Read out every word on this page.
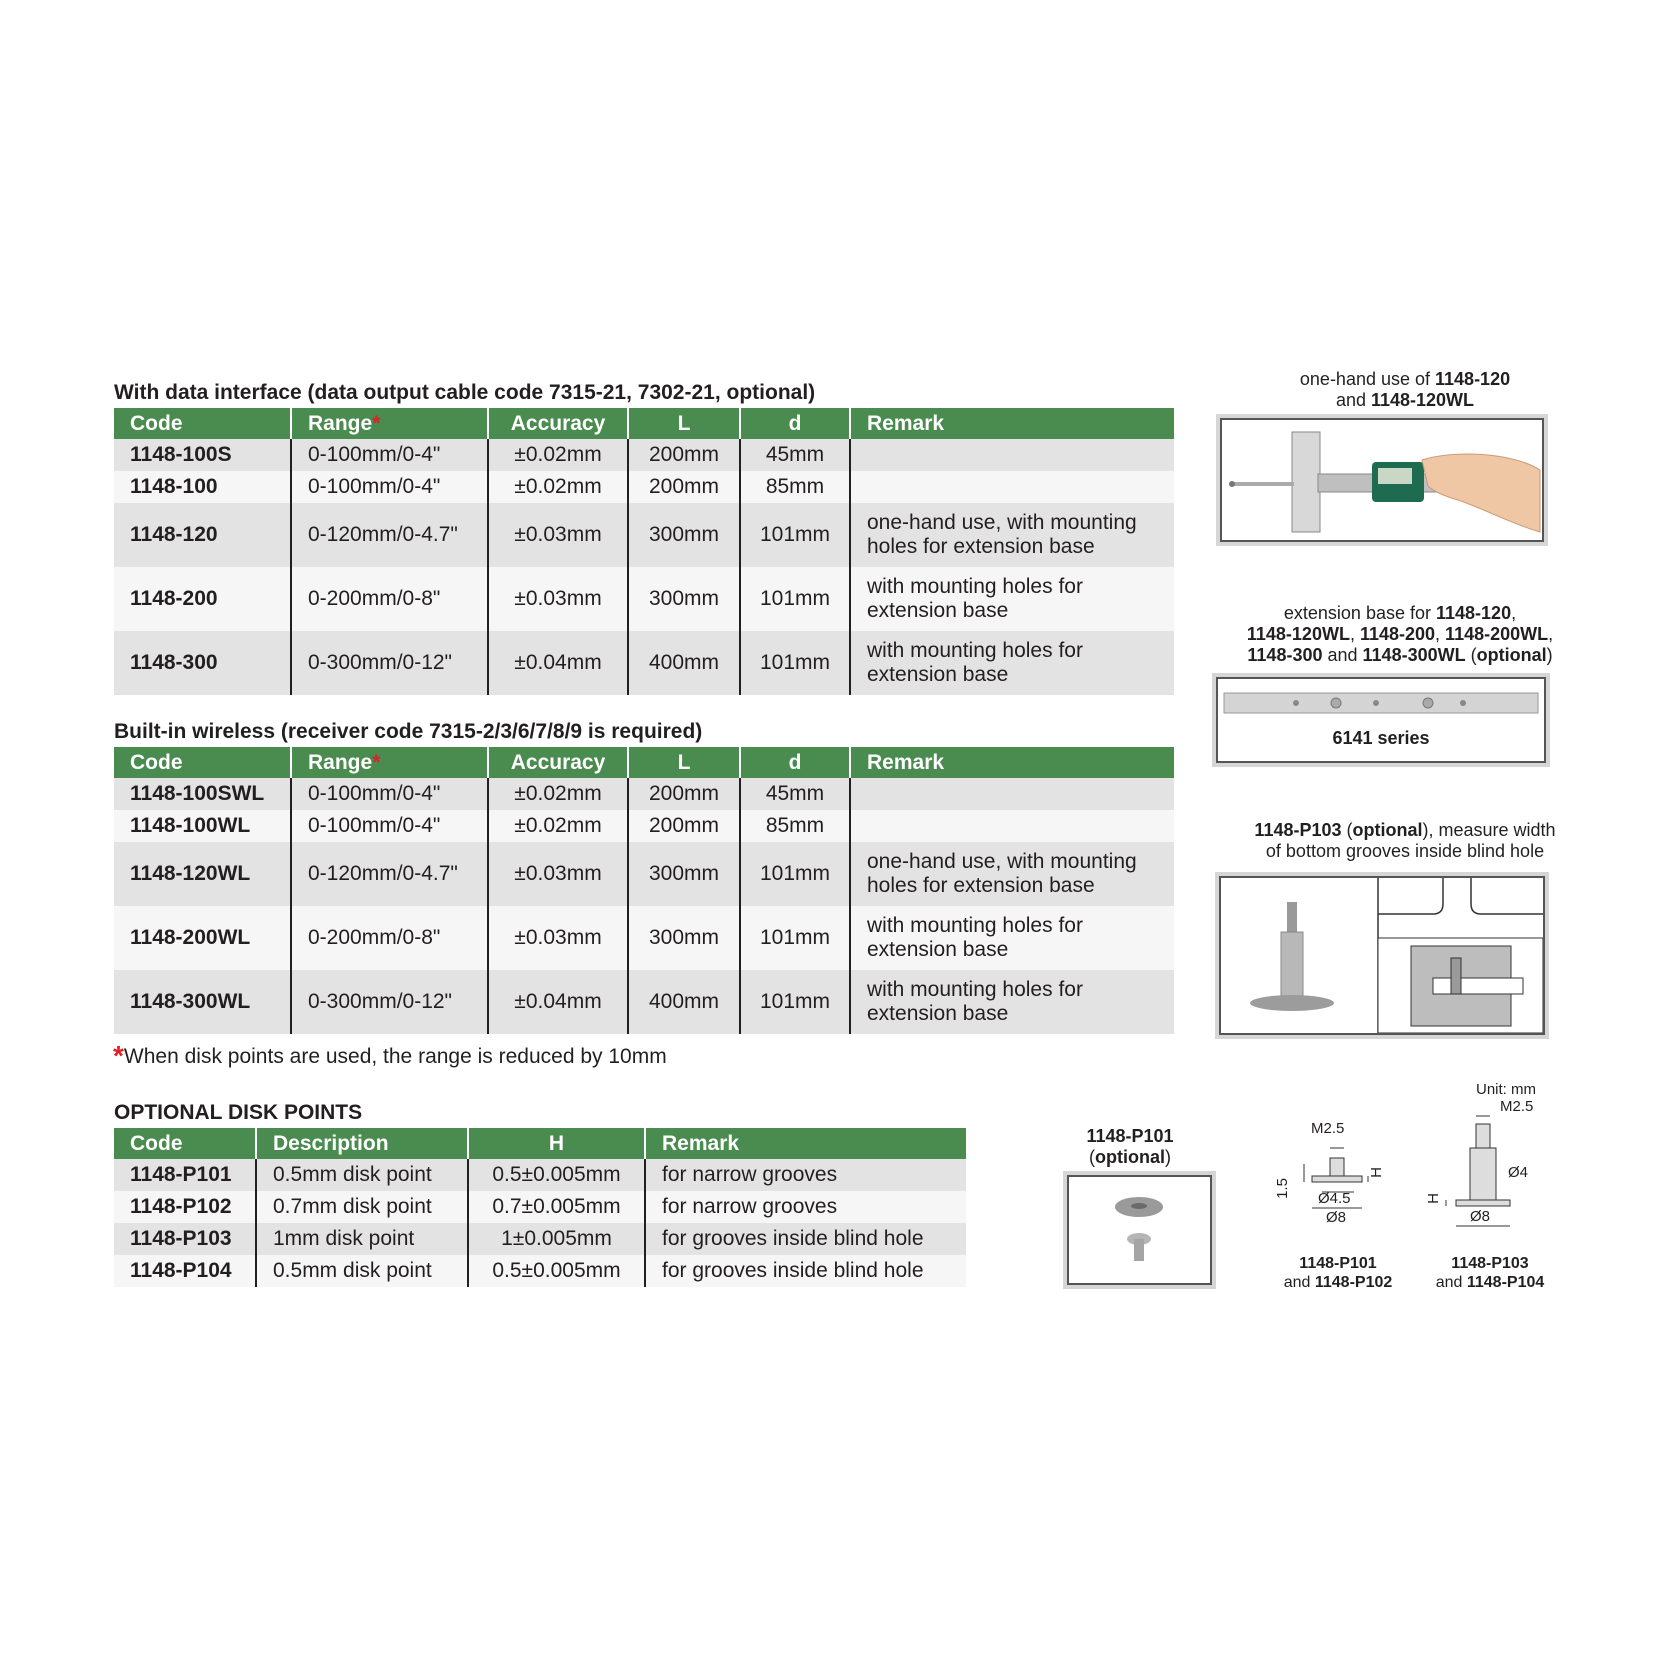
With data interface (data output cable code 7315-21, 7302-21, optional)
Code	Range*	Accuracy	L	d	Remark
1148-100S	0-100mm/0-4"	±0.02mm	200mm	45mm	

1148-100	0-100mm/0-4"	±0.02mm	200mm	85mm	

1148-120	0-120mm/0-4.7"	±0.03mm	300mm	101mm	one-hand use, with mounting
holes for extension base

1148-200	0-200mm/0-8"	±0.03mm	300mm	101mm	with mounting holes for
extension base

1148-300	0-300mm/0-12"	±0.04mm	400mm	101mm	with mounting holes for
extension base
Built-in wireless (receiver code 7315-2/3/6/7/8/9 is required)
Code	Range*	Accuracy	L	d	Remark
1148-100SWL	0-100mm/0-4"	±0.02mm	200mm	45mm	

1148-100WL	0-100mm/0-4"	±0.02mm	200mm	85mm	

1148-120WL	0-120mm/0-4.7"	±0.03mm	300mm	101mm	one-hand use, with mounting
holes for extension base

1148-200WL	0-200mm/0-8"	±0.03mm	300mm	101mm	with mounting holes for
extension base

1148-300WL	0-300mm/0-12"	±0.04mm	400mm	101mm	with mounting holes for
extension base
*When disk points are used, the range is reduced by 10mm
OPTIONAL DISK POINTS
Code	Description	H	Remark
1148-P101	0.5mm disk point	0.5±0.005mm	for narrow grooves
1148-P102	0.7mm disk point	0.7±0.005mm	for narrow grooves
1148-P103	1mm disk point	1±0.005mm	for grooves inside blind hole
1148-P104	0.5mm disk point	0.5±0.005mm	for grooves inside blind hole
one-hand use of 1148-120
and 1148-120WL
extension base for 1148-120,
1148-120WL, 1148-200, 1148-200WL,
1148-300 and 1148-300WL (optional)
6141 series
1148-P103 (optional), measure width
of bottom grooves inside blind hole
1148-P101
(optional)
Unit: mm
M2.5
H
1.5 Ø4.5
Ø8
1148-P101
and 1148-P102
M2.5
Ø4
H
Ø8
1148-P103
and 1148-P104
